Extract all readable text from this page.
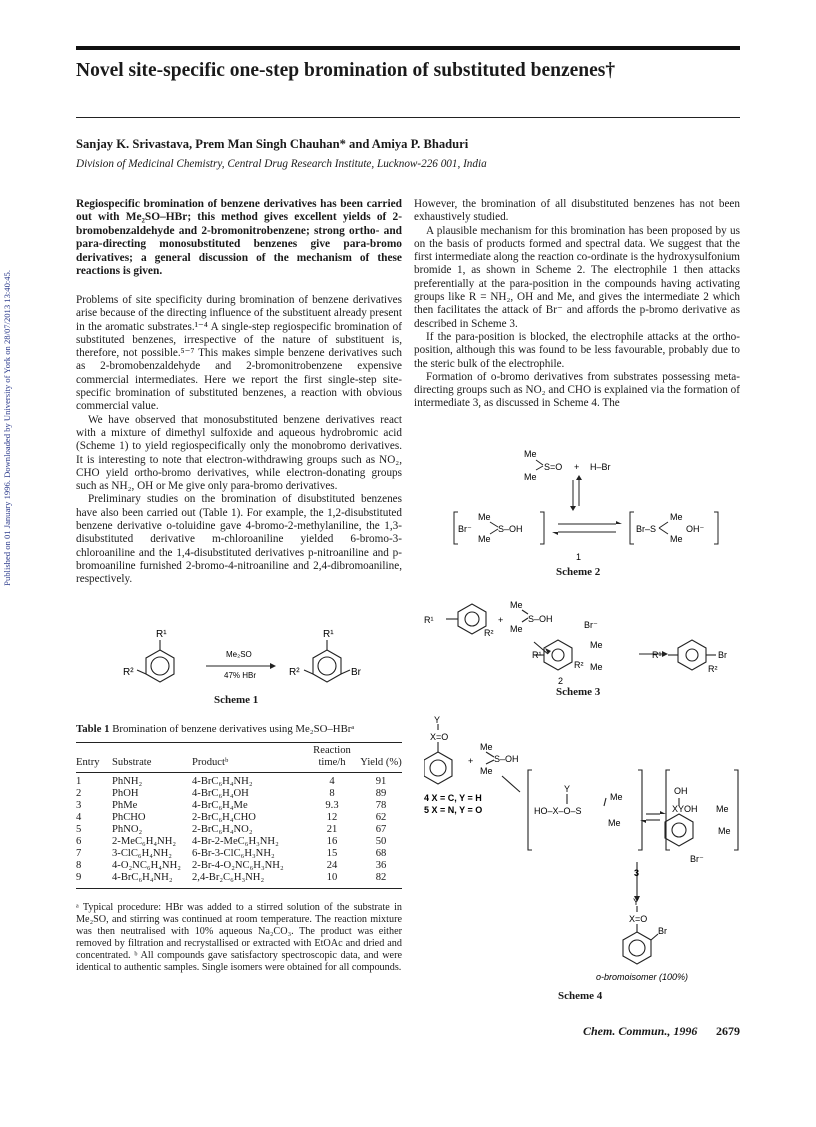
Published on 01 January 1996. Downloaded by University of York on 28/07/2013 13:40:45.
Novel site-specific one-step bromination of substituted benzenes†
Sanjay K. Srivastava, Prem Man Singh Chauhan* and Amiya P. Bhaduri
Division of Medicinal Chemistry, Central Drug Research Institute, Lucknow-226 001, India

Regiospecific bromination of benzene derivatives has been carried out with Me₂SO–HBr; this method gives excellent yields of 2-bromobenzaldehyde and 2-bromonitrobenzene; strong ortho- and para-directing monosubstituted benzenes give para-bromo derivatives; a general discussion of the mechanism of these reactions is given.

Problems of site specificity during bromination of benzene derivatives arise because of the directing influence of the substituent already present in the aromatic substrates.¹⁻⁴ A single-step regiospecific bromination of substituted benzenes, irrespective of the nature of substituent is, therefore, not possible.⁵⁻⁷ This makes simple benzene derivatives such as 2-bromobenzaldehyde and 2-bromonitrobenzene expensive commercial intermediates. Here we report the first single-step site-specific bromination of substituted benzenes, a reaction with obvious commercial value.

We have observed that monosubstituted benzene derivatives react with a mixture of dimethyl sulfoxide and aqueous hydrobromic acid (Scheme 1) to yield regiospecifically only the monobromo derivatives. It is interesting to note that electron-withdrawing groups such as NO₂, CHO yield ortho-bromo derivatives, while electron-donating groups such as NH₂, OH or Me give only para-bromo derivatives.

Preliminary studies on the bromination of disubstituted benzenes have also been carried out (Table 1). For example, the 1,2-disubstituted benzene derivative o-toluidine gave 4-bromo-2-methylaniline, the 1,3-disubstituted derivative m-chloroaniline yielded 6-bromo-3-chloroaniline and the 1,4-disubstituted derivatives p-nitroaniline and p-bromoaniline furnished 2-bromo-4-nitroaniline and 2,4-dibromoaniline, respectively.

However, the bromination of all disubstituted benzenes has not been exhaustively studied.

A plausible mechanism for this bromination has been proposed by us on the basis of products formed and spectral data. We suggest that the first intermediate along the reaction co-ordinate is the hydroxysulfonium bromide 1, as shown in Scheme 2. The electrophile 1 then attacks preferentially at the para-position in the compounds having activating groups like R = NH₂, OH and Me, and gives the intermediate 2 which then facilitates the attack of Br⁻ and affords the p-bromo derivative as described in Scheme 3.

If the para-position is blocked, the electrophile attacks at the ortho-position, although this was found to be less favourable, probably due to the steric bulk of the electrophile.

Formation of o-bromo derivatives from substrates possessing meta-directing groups such as NO₂ and CHO is explained via the formation of intermediate 3, as discussed in Scheme 4. The

R¹
R²
Me₂SO
47% HBr
R¹
R²	Br
Scheme 1
Table 1 Bromination of benzene derivatives using Me₂SO–HBrᵃ

Entry	Substrate	Productᵇ	Reaction time/h	Yield (%)

1	PhNH₂	4-BrC₆H₄NH₂	4	91
2	PhOH	4-BrC₆H₄OH	8	89
3	PhMe	4-BrC₆H₄Me	9.3	78
4	PhCHO	2-BrC₆H₄CHO	12	62
5	PhNO₂	2-BrC₆H₄NO₂	21	67
6	2-MeC₆H₄NH₂	4-Br-2-MeC₆H₃NH₂	16	50
7	3-ClC₆H₄NH₂	6-Br-3-ClC₆H₃NH₂	15	68
8	4-O₂NC₆H₄NH₂	2-Br-4-O₂NC₆H₃NH₂	24	36
9	4-BrC₆H₄NH₂	2,4-Br₂C₆H₃NH₂	10	82

ᵃ Typical procedure: HBr was added to a stirred solution of the substrate in Me₂SO, and stirring was continued at room temperature. The reaction mixture was then neutralised with 10% aqueous Na₂CO₃. The product was either removed by filtration and recrystallised or extracted with EtOAc and dried and concentrated. ᵇ All compounds gave satisfactory spectroscopic data, and were identical to authentic samples. Single isomers were obtained for all compounds.
Me
S=O + H–Br
Me
Br⁻
Me
S–OH
Me
Br–S
Me
Me
OH⁻
1
Scheme 2
R¹
R²
+
Me
S–OH
Me	Br⁻
R¹
Me
Me
R²
R¹	Br
R²
2
Scheme 3
Y
X=O
+
Me
S–OH
Me
4 X = C, Y = H
5 X = N, Y = O
Y
HO–X–O–S
Me
Me
OH
XYOH Me
Me
Br⁻
3
Y
X=O
Br
o-bromoisomer (100%)
Scheme 4
Chem. Commun., 1996 2679
